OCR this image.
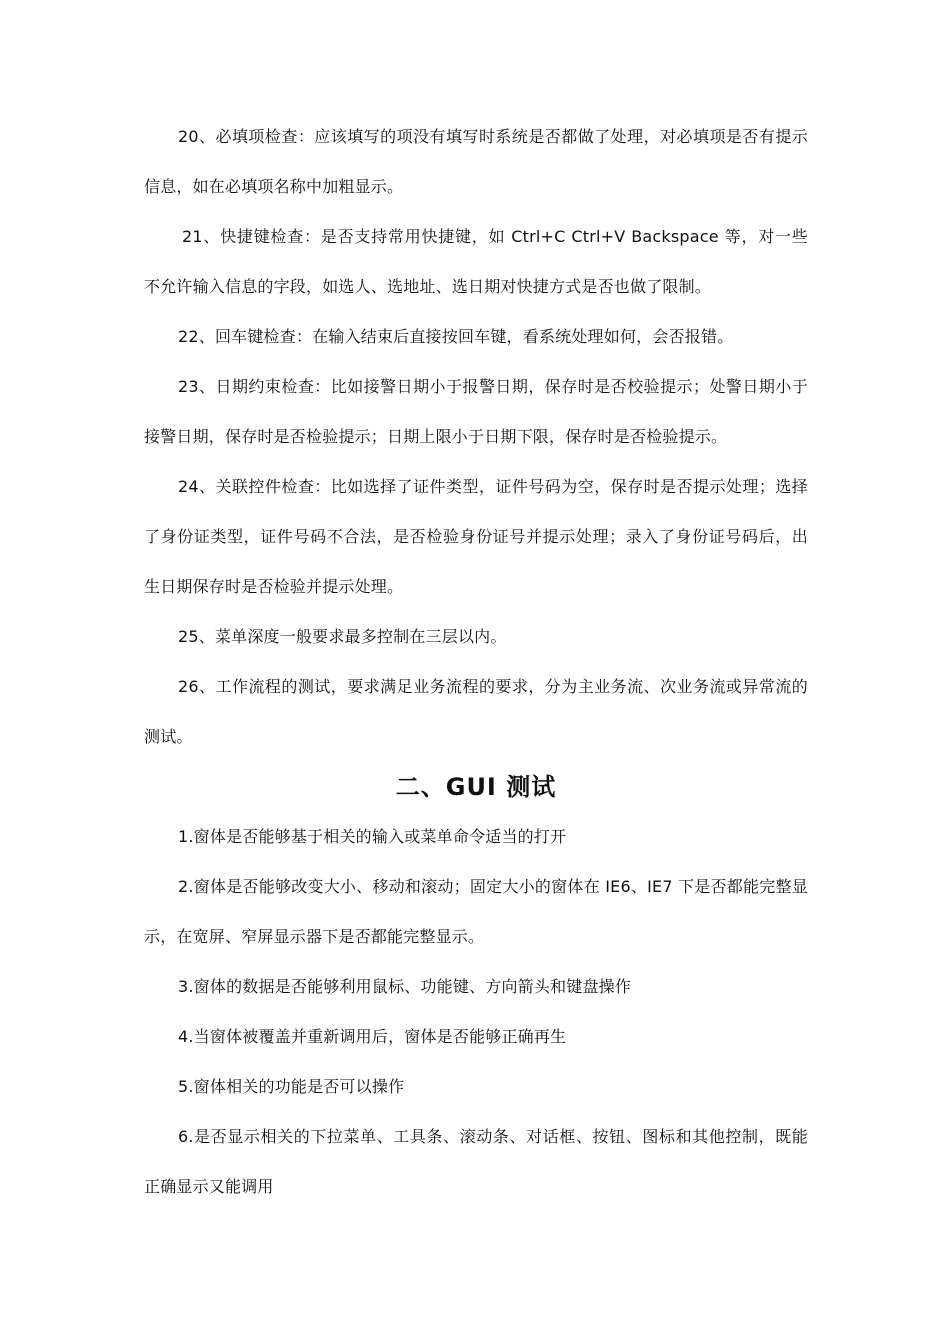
20、必填项检查：应该填写的项没有填写时系统是否都做了处理，对必填项是否有提示信息，如在必填项名称中加粗显示。

21、快捷键检查：是否支持常用快捷键，如 Ctrl+C Ctrl+V Backspace 等，对一些不允许输入信息的字段，如选人、选地址、选日期对快捷方式是否也做了限制。

22、回车键检查：在输入结束后直接按回车键，看系统处理如何，会否报错。

23、日期约束检查：比如接警日期小于报警日期，保存时是否校验提示；处警日期小于接警日期，保存时是否检验提示；日期上限小于日期下限，保存时是否检验提示。

24、关联控件检查：比如选择了证件类型，证件号码为空，保存时是否提示处理；选择了身份证类型，证件号码不合法，是否检验身份证号并提示处理；录入了身份证号码后，出生日期保存时是否检验并提示处理。

25、菜单深度一般要求最多控制在三层以内。

26、工作流程的测试，要求满足业务流程的要求，分为主业务流、次业务流或异常流的测试。

二、GUI 测试

1.窗体是否能够基于相关的输入或菜单命令适当的打开

2.窗体是否能够改变大小、移动和滚动；固定大小的窗体在 IE6、IE7 下是否都能完整显示，在宽屏、窄屏显示器下是否都能完整显示。

3.窗体的数据是否能够利用鼠标、功能键、方向箭头和键盘操作

4.当窗体被覆盖并重新调用后，窗体是否能够正确再生

5.窗体相关的功能是否可以操作

6.是否显示相关的下拉菜单、工具条、滚动条、对话框、按钮、图标和其他控制，既能正确显示又能调用
